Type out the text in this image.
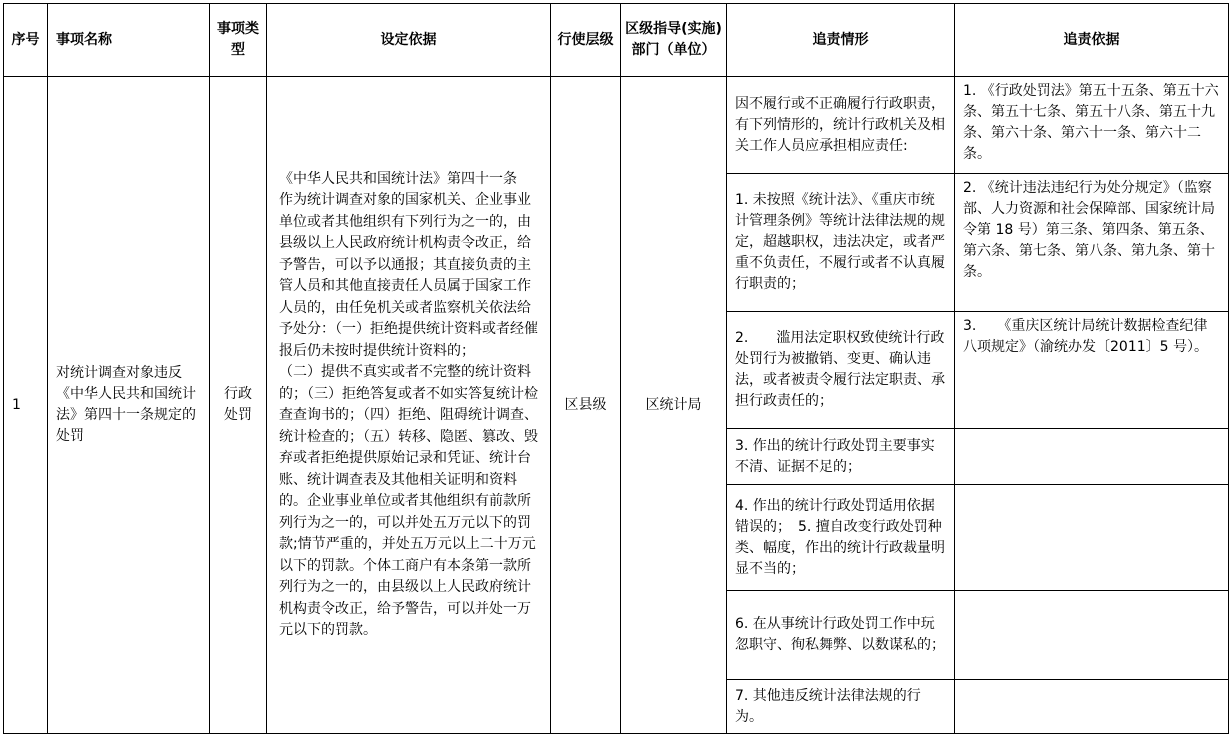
序号	事项名称	事项类型	设定依据	行使层级	区级指导(实施)部门（单位）	追责情形	追责依据
1	对统计调查对象违反《中华人民共和国统计法》第四十一条规定的处罚	行政处罚	《中华人民共和国统计法》第四十一条　　作为统计调查对象的国家机关、企业事业单位或者其他组织有下列行为之一的，由县级以上人民政府统计机构责令改正，给予警告，可以予以通报；其直接负责的主管人员和其他直接责任人员属于国家工作人员的，由任免机关或者监察机关依法给予处分：（一）拒绝提供统计资料或者经催报后仍未按时提供统计资料的；
（二）提供不真实或者不完整的统计资料的；（三）拒绝答复或者不如实答复统计检查查询书的；（四）拒绝、阻碍统计调查、统计检查的；（五）转移、隐匿、篡改、毁弃或者拒绝提供原始记录和凭证、统计台账、统计调查表及其他相关证明和资料的。企业事业单位或者其他组织有前款所列行为之一的，可以并处五万元以下的罚款;情节严重的，并处五万元以上二十万元以下的罚款。个体工商户有本条第一款所列行为之一的，由县级以上人民政府统计机构责令改正，给予警告，可以并处一万元以下的罚款。	区县级	区统计局	因不履行或不正确履行行政职责，有下列情形的，统计行政机关及相关工作人员应承担相应责任:	1. 《行政处罚法》第五十五条、第五十六条、第五十七条、第五十八条、第五十九条、第六十条、第六十一条、第六十二条。
						1. 未按照《统计法》、《重庆市统计管理条例》等统计法律法规的规定，超越职权，违法决定，或者严重不负责任，不履行或者不认真履行职责的；	2. 《统计违法违纪行为处分规定》（监察部、人力资源和社会保障部、国家统计局令第 18 号）第三条、第四条、第五条、第六条、第七条、第八条、第九条、第十条。
						2.　　滥用法定职权致使统计行政处罚行为被撤销、变更、确认违法，或者被责令履行法定职责、承担行政责任的；	3.　　《重庆区统计局统计数据检查纪律八项规定》（渝统办发〔2011〕5 号）。
						3. 作出的统计行政处罚主要事实不清、证据不足的；	
						4. 作出的统计行政处罚适用依据错误的；　5. 擅自改变行政处罚种类、幅度，作出的统计行政裁量明显不当的；	
						6. 在从事统计行政处罚工作中玩忽职守、徇私舞弊、以数谋私的；	
						7. 其他违反统计法律法规的行为。	
